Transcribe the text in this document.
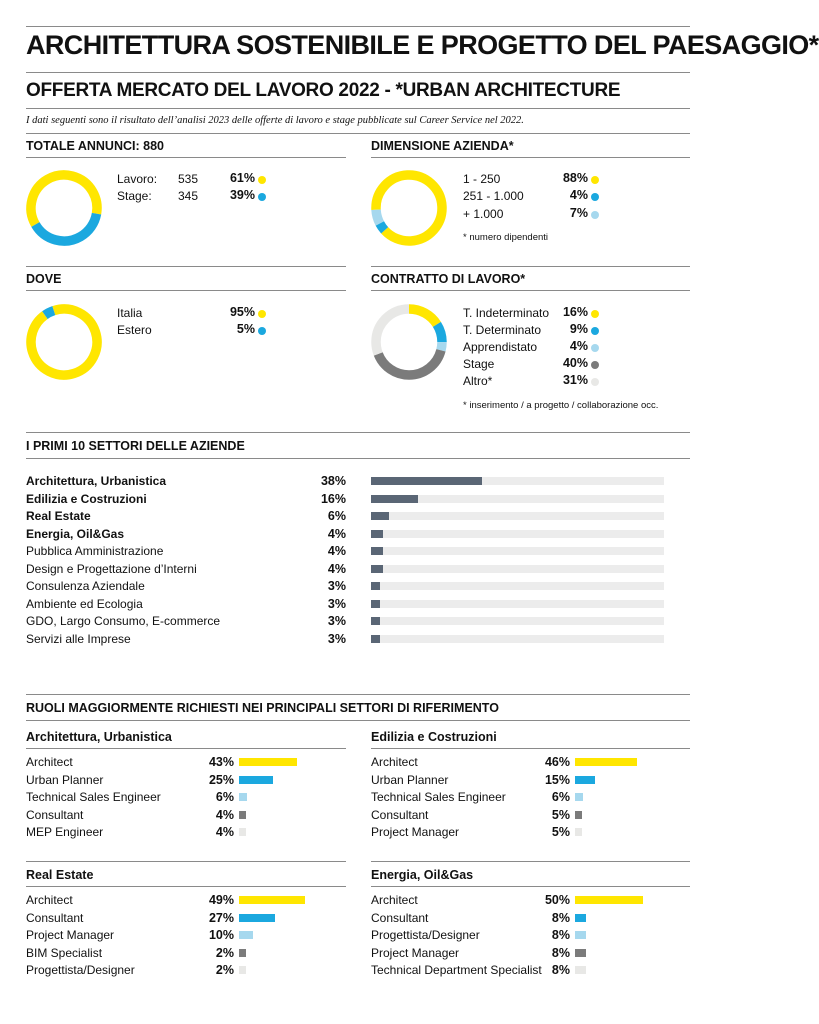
ARCHITETTURA SOSTENIBILE E PROGETTO DEL PAESAGGIO*
OFFERTA MERCATO DEL LAVORO 2022 - *URBAN ARCHITECTURE
I dati seguenti sono il risultato dell’analisi 2023 delle offerte di lavoro e stage pubblicate sul Career Service nel 2022.
TOTALE ANNUNCI: 880
Lavoro:	535	61%
Stage:	345	39%
DIMENSIONE AZIENDA*
1 - 250	88%
251 - 1.000	4%
+ 1.000	7%
* numero dipendenti
DOVE
Italia	95%
Estero	5%
CONTRATTO DI LAVORO*
T. Indeterminato	16%
T. Determinato	9%
Apprendistato	4%
Stage	40%
Altro*	31%
* inserimento / a progetto / collaborazione occ.
I PRIMI 10 SETTORI DELLE AZIENDE
Architettura, Urbanistica	38%
Edilizia e Costruzioni	16%
Real Estate	6%
Energia, Oil&Gas	4%
Pubblica Amministrazione	4%
Design e Progettazione d’Interni	4%
Consulenza Aziendale	3%
Ambiente ed Ecologia	3%
GDO, Largo Consumo, E-commerce	3%
Servizi alle Imprese	3%
RUOLI MAGGIORMENTE RICHIESTI NEI PRINCIPALI SETTORI DI RIFERIMENTO
Architettura, Urbanistica
Architect	43%
Urban Planner	25%
Technical Sales Engineer	6%
Consultant	4%
MEP Engineer	4%
Edilizia e Costruzioni
Architect	46%
Urban Planner	15%
Technical Sales Engineer	6%
Consultant	5%
Project Manager	5%
Real Estate
Architect	49%
Consultant	27%
Project Manager	10%
BIM Specialist	2%
Progettista/Designer	2%
Energia, Oil&Gas
Architect	50%
Consultant	8%
Progettista/Designer	8%
Project Manager	8%
Technical Department Specialist 8%
